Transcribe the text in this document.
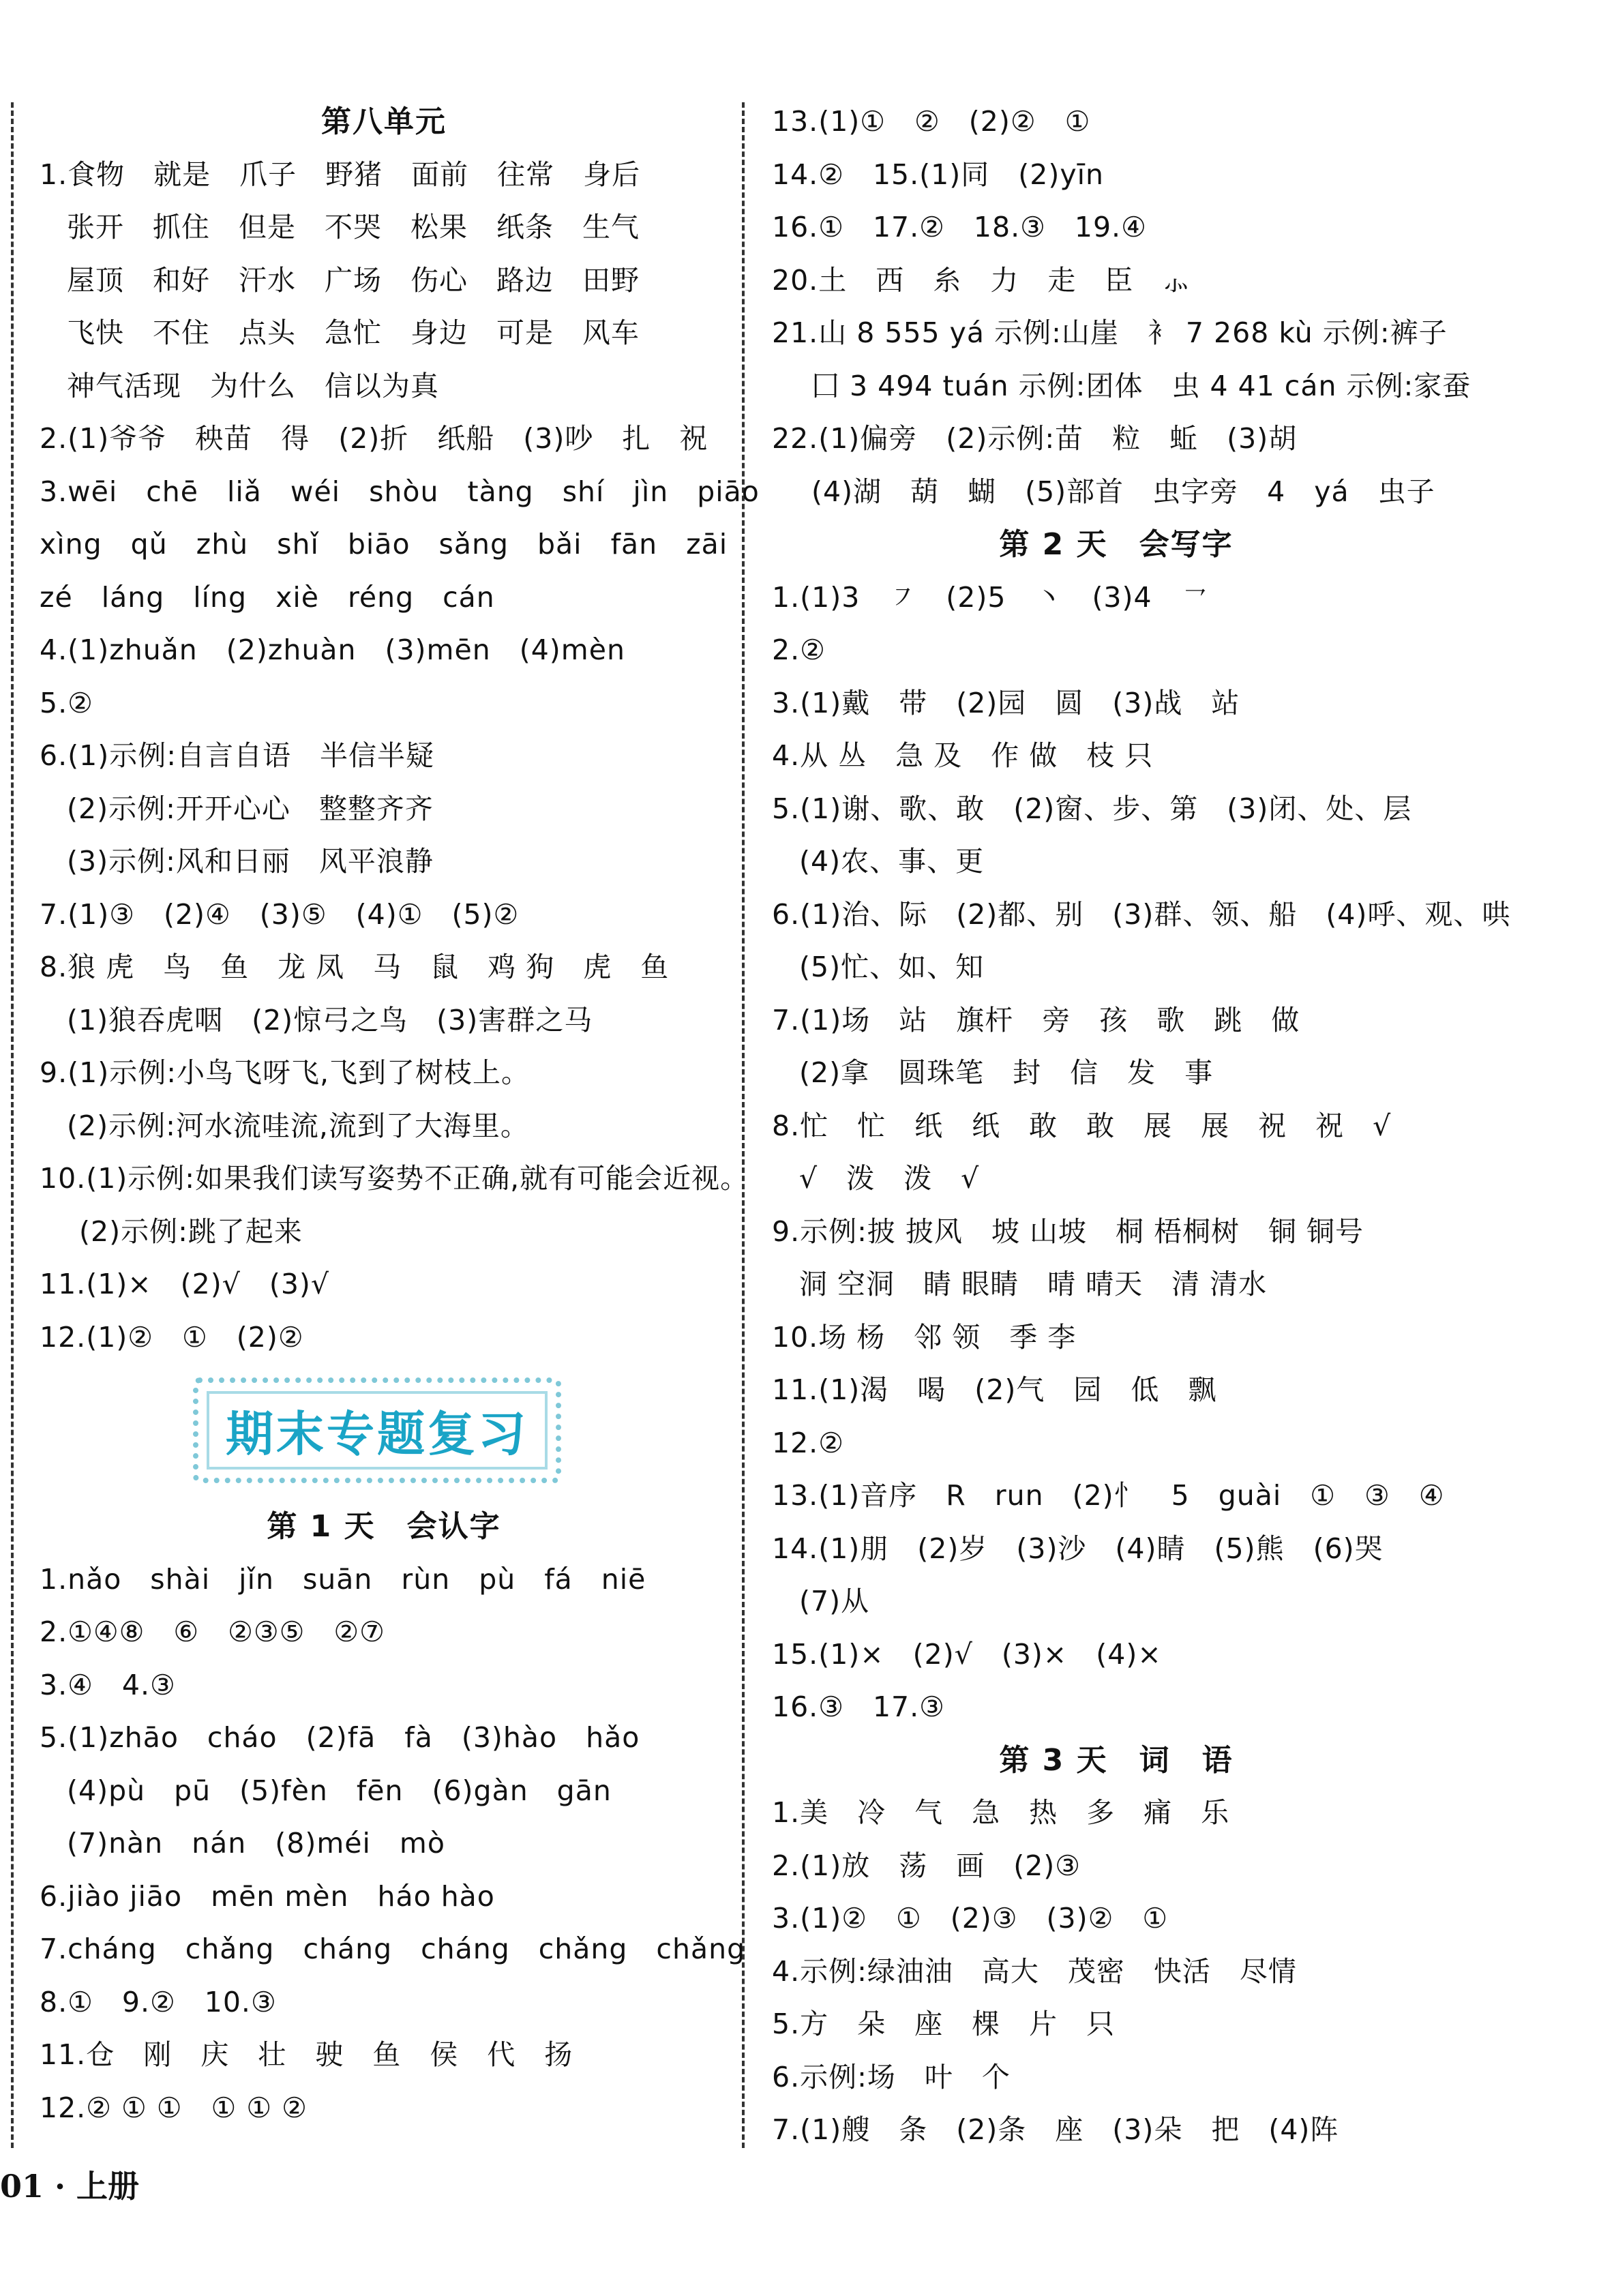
第八单元
1.食物　就是　爪子　野猪　面前　往常　身后
张开　抓住　但是　不哭　松果　纸条　生气
屋顶　和好　汗水　广场　伤心　路边　田野
飞快　不住　点头　急忙　身边　可是　风车
神气活现　为什么　信以为真
2.(1)爷爷　秧苗　得　(2)折　纸船　(3)吵　扎　祝
3.wēi　chē　liǎ　wéi　shòu　tàng　shí　jìn　piāo
xìng　qǔ　zhù　shǐ　biāo　sǎng　bǎi　fān　zāi
zé　láng　líng　xiè　réng　cán
4.(1)zhuǎn　(2)zhuàn　(3)mēn　(4)mèn
5.②
6.(1)示例:自言自语　半信半疑
(2)示例:开开心心　整整齐齐
(3)示例:风和日丽　风平浪静
7.(1)③　(2)④　(3)⑤　(4)①　(5)②
8.狼 虎　鸟　鱼　龙 凤　马　鼠　鸡 狗　虎　鱼
(1)狼吞虎咽　(2)惊弓之鸟　(3)害群之马
9.(1)示例:小鸟飞呀飞,飞到了树枝上。
(2)示例:河水流哇流,流到了大海里。
10.(1)示例:如果我们读写姿势不正确,就有可能会近视。
(2)示例:跳了起来
11.(1)×　(2)√　(3)√
12.(1)②　①　(2)②
期末专题复习
第 1 天　会认字
1.nǎo　shài　jǐn　suān　rùn　pù　fá　niē
2.①④⑧　⑥　②③⑤　②⑦
3.④　4.③
5.(1)zhāo　cháo　(2)fā　fà　(3)hào　hǎo
(4)pù　pū　(5)fèn　fēn　(6)gàn　gān
(7)nàn　nán　(8)méi　mò
6.jiào jiāo　mēn mèn　háo hào
7.cháng　chǎng　cháng　cháng　chǎng　chǎng
8.①　9.②　10.③
11.仓　刚　庆　壮　驶　鱼　侯　代　扬
12.② ① ①　① ① ②
13.(1)①　②　(2)②　①
14.②　15.(1)同　(2)yīn
16.①　17.②　18.③　19.④
20.土　西　糸　力　走　臣　⺗
21.山 8 555 yá 示例:山崖　衤 7 268 kù 示例:裤子
囗 3 494 tuán 示例:团体　虫 4 41 cán 示例:家蚕
22.(1)偏旁　(2)示例:苗　粒　蚯　(3)胡
(4)湖　葫　蝴　(5)部首　虫字旁　4　yá　虫子
第 2 天　会写字
1.(1)3　㇇　(2)5　丶　(3)4　㇖
2.②
3.(1)戴　带　(2)园　圆　(3)战　站
4.从 丛　急 及　作 做　枝 只
5.(1)谢、歌、敢　(2)窗、步、第　(3)闭、处、层
(4)农、事、更
6.(1)治、际　(2)都、别　(3)群、领、船　(4)呼、观、哄
(5)忙、如、知
7.(1)场　站　旗杆　旁　孩　歌　跳　做
(2)拿　圆珠笔　封　信　发　事
8.忙　忙　纸　纸　敢　敢　展　展　祝　祝　√
√　泼　泼　√
9.示例:披 披风　坡 山坡　桐 梧桐树　铜 铜号
洞 空洞　睛 眼睛　晴 晴天　清 清水
10.场 杨　邻 领　季 李
11.(1)渴　喝　(2)气　园　低　飘
12.②
13.(1)音序　R　run　(2)忄　5　guài　①　③　④
14.(1)朋　(2)岁　(3)沙　(4)睛　(5)熊　(6)哭
(7)从
15.(1)×　(2)√　(3)×　(4)×
16.③　17.③
第 3 天　词　语
1.美　冷　气　急　热　多　痛　乐
2.(1)放　荡　画　(2)③
3.(1)②　①　(2)③　(3)②　①
4.示例:绿油油　高大　茂密　快活　尽情
5.方　朵　座　棵　片　只
6.示例:场　叶　个
7.(1)艘　条　(2)条　座　(3)朵　把　(4)阵
01 · 上册
